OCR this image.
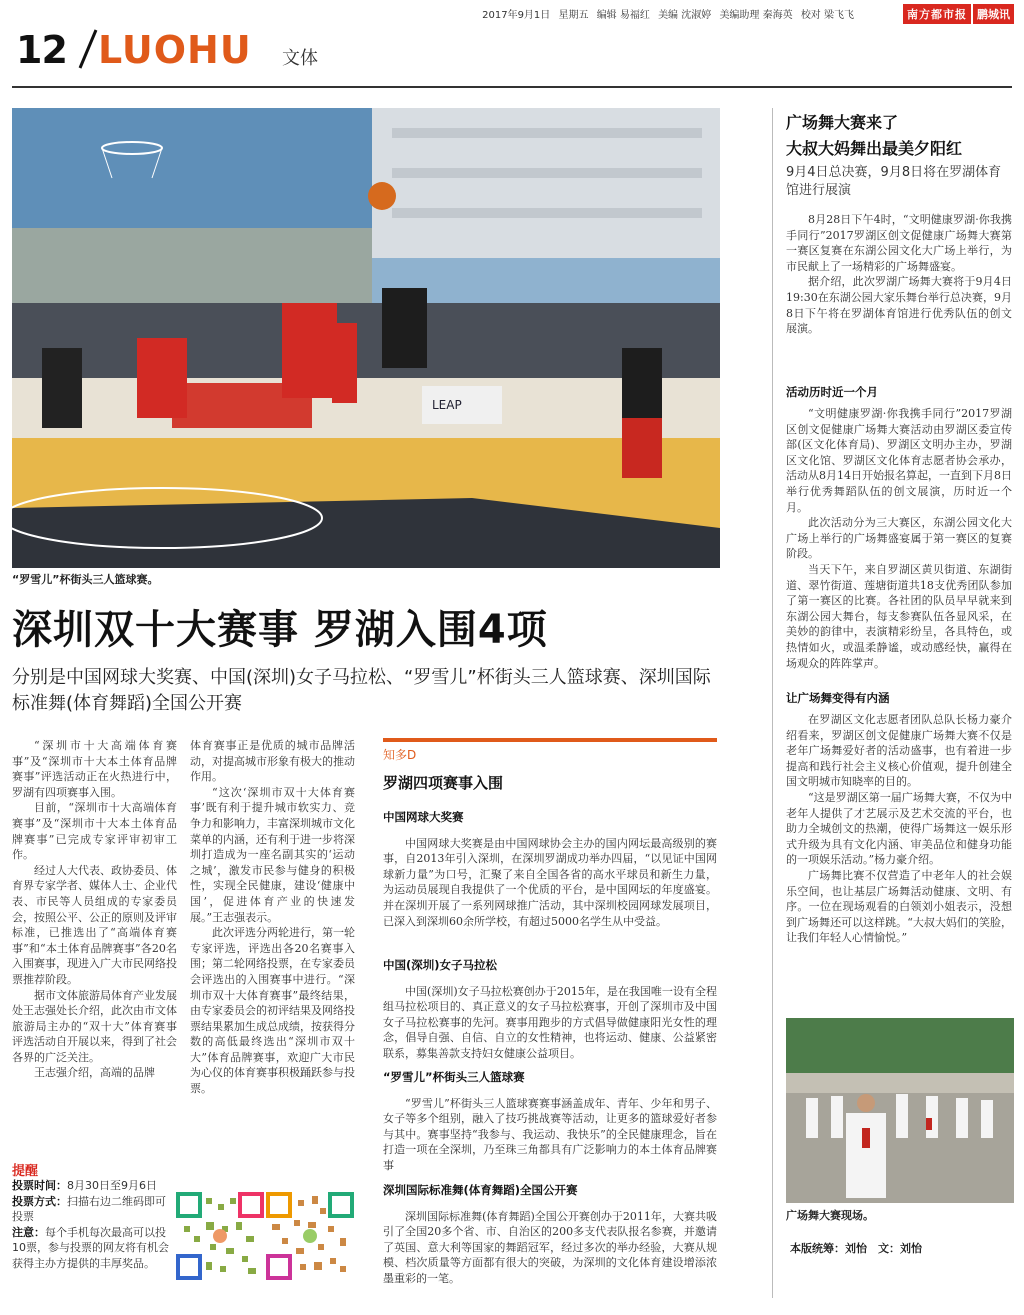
2017年9月1日 星期五 编辑 易福红 美编 沈淑婷 美编助理 秦海英 校对 梁飞飞	南方都市报 鹏城讯
12 LUOHU 文体
LEAP
“罗雪儿”杯街头三人篮球赛。
深圳双十大赛事 罗湖入围4项
分别是中国网球大奖赛、中国(深圳)女子马拉松、“罗雪儿”杯街头三人篮球赛、深圳国际标准舞(体育舞蹈)全国公开赛

“深圳市十大高端体育赛事”及“深圳市十大本土体育品牌赛事”评选活动正在火热进行中，罗湖有四项赛事入围。

目前，“深圳市十大高端体育赛事”及“深圳市十大本土体育品牌赛事”已完成专家评审初审工作。

经过人大代表、政协委员、体育界专家学者、媒体人士、企业代表、市民等人员组成的专家委员会，按照公平、公正的原则及评审标准，已推选出了“高端体育赛事”和“本土体育品牌赛事”各20名入围赛事，现进入广大市民网络投票推荐阶段。

据市文体旅游局体育产业发展处王志强处长介绍，此次由市文体旅游局主办的“双十大”体育赛事评选活动自开展以来，得到了社会各界的广泛关注。

王志强介绍，高端的品牌

体育赛事正是优质的城市品牌活动，对提高城市形象有极大的推动作用。

“这次‘深圳市双十大体育赛事’既有利于提升城市软实力、竞争力和影响力，丰富深圳城市文化菜单的内涵，还有利于进一步将深圳打造成为一座名副其实的‘运动之城’，激发市民参与健身的积极性，实现全民健康，建设‘健康中国’，促进体育产业的快速发展。”王志强表示。

此次评选分两轮进行，第一轮专家评选，评选出各20名赛事入围；第二轮网络投票，在专家委员会评选出的入围赛事中进行。“深圳市双十大体育赛事”最终结果，由专家委员会的初评结果及网络投票结果累加生成总成绩，按获得分数的高低最终选出“深圳市双十大”体育品牌赛事，欢迎广大市民为心仪的体育赛事积极踊跃参与投票。

提醒
投票时间：8月30日至9月6日
投票方式：扫描右边二维码即可投票
注意：每个手机每次最高可以投10票，参与投票的网友将有机会获得主办方提供的丰厚奖品。
知多D
罗湖四项赛事入围
中国网球大奖赛

中国网球大奖赛是由中国网球协会主办的国内网坛最高级别的赛事，自2013年引入深圳，在深圳罗湖成功举办四届，“以见证中国网球新力量”为口号，汇聚了来自全国各省的高水平球员和新生力量，为运动员展现自我提供了一个优质的平台，是中国网坛的年度盛宴。并在深圳开展了一系列网球推广活动，其中深圳校园网球发展项目，已深入到深圳60余所学校，有超过5000名学生从中受益。

中国(深圳)女子马拉松

中国(深圳)女子马拉松赛创办于2015年，是在我国唯一设有全程组马拉松项目的、真正意义的女子马拉松赛事，开创了深圳市及中国女子马拉松赛事的先河。赛事用跑步的方式倡导做健康阳光女性的理念，倡导自强、自信、自立的女性精神，也将运动、健康、公益紧密联系，募集善款支持妇女健康公益项目。

“罗雪儿”杯街头三人篮球赛

“罗雪儿”杯街头三人篮球赛赛事涵盖成年、青年、少年和男子、女子等多个组别，融入了技巧挑战赛等活动，让更多的篮球爱好者参与其中。赛事坚持“我参与、我运动、我快乐”的全民健康理念，旨在打造一项在全深圳，乃至珠三角都具有广泛影响力的本土体育品牌赛事

深圳国际标准舞(体育舞蹈)全国公开赛

深圳国际标准舞(体育舞蹈)全国公开赛创办于2011年，大赛共吸引了全国20多个省、市、自治区的200多支代表队报名参赛，并邀请了英国、意大利等国家的舞蹈冠军，经过多次的举办经验，大赛从规模、档次质量等方面都有很大的突破，为深圳的文化体育建设增添浓墨重彩的一笔。

广场舞大赛来了
大叔大妈舞出最美夕阳红
9月4日总决赛，9月8日将在罗湖体育馆进行展演

8月28日下午4时，“文明健康罗湖·你我携手同行”2017罗湖区创文促健康广场舞大赛第一赛区复赛在东湖公园文化大广场上举行，为市民献上了一场精彩的广场舞盛宴。

据介绍，此次罗湖广场舞大赛将于9月4日19:30在东湖公园大家乐舞台举行总决赛，9月8日下午将在罗湖体育馆进行优秀队伍的创文展演。

活动历时近一个月

“文明健康罗湖·你我携手同行”2017罗湖区创文促健康广场舞大赛活动由罗湖区委宣传部(区文化体育局)、罗湖区文明办主办，罗湖区文化馆、罗湖区文化体育志愿者协会承办，活动从8月14日开始报名算起，一直到下月8日举行优秀舞蹈队伍的创文展演，历时近一个月。

此次活动分为三大赛区，东湖公园文化大广场上举行的广场舞盛宴属于第一赛区的复赛阶段。

当天下午，来自罗湖区黄贝街道、东湖街道、翠竹街道、莲塘街道共18支优秀团队参加了第一赛区的比赛。各社团的队员早早就来到东湖公园大舞台，每支参赛队伍各显风采，在美妙的韵律中，表演精彩纷呈，各具特色，或热情如火，或温柔静谧，或动感经快，赢得在场观众的阵阵掌声。

让广场舞变得有内涵

在罗湖区文化志愿者团队总队长杨力豪介绍看来，罗湖区创文促健康广场舞大赛不仅是老年广场舞爱好者的活动盛事，也有着进一步提高和践行社会主义核心价值观，提升创建全国文明城市知晓率的目的。

“这是罗湖区第一届广场舞大赛，不仅为中老年人提供了才艺展示及艺术交流的平台，也助力全城创文的热潮，使得广场舞这一娱乐形式升级为具有文化内涵、审美品位和健身功能的一项娱乐活动。”杨力豪介绍。

广场舞比赛不仅营造了中老年人的社会娱乐空间，也让基层广场舞活动健康、文明、有序。一位在现场观看的白领刘小姐表示，没想到广场舞还可以这样跳。“大叔大妈们的笑脸，让我们年轻人心情愉悦。”

广场舞大赛现场。
本版统筹：刘怡　文：刘怡
